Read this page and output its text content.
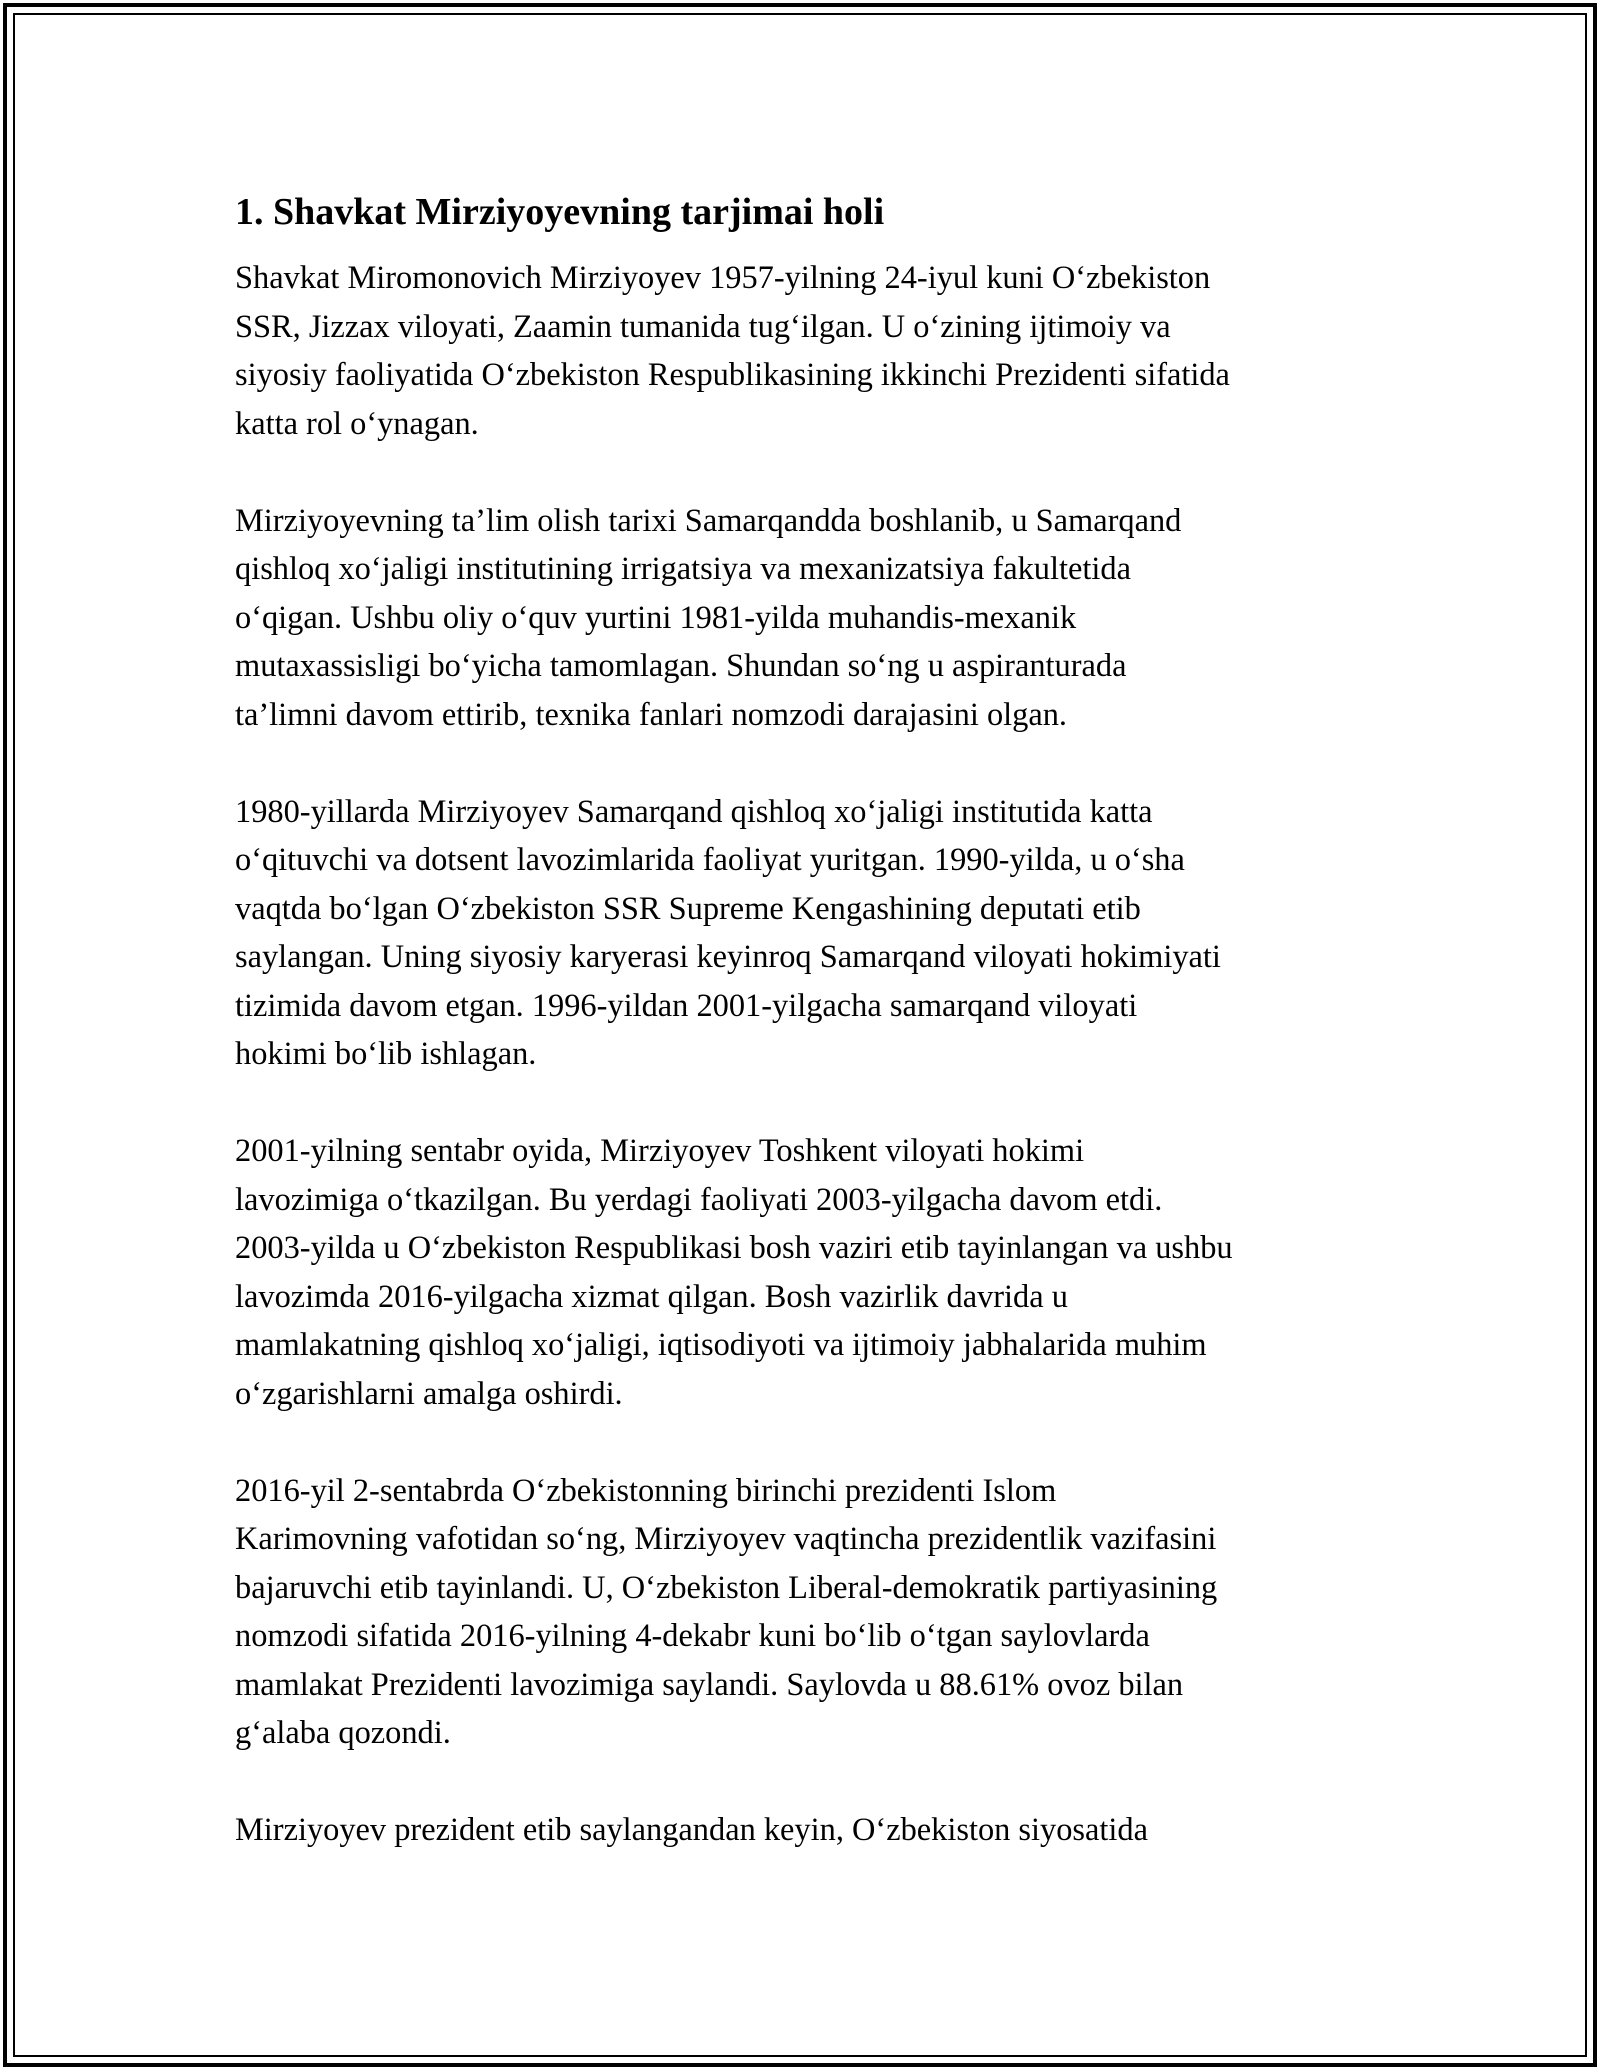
1. Shavkat Mirziyoyevning tarjimai holi
Shavkat Miromonovich Mirziyoyev 1957-yilning 24-iyul kuni O‘zbekiston
SSR, Jizzax viloyati, Zaamin tumanida tug‘ilgan. U o‘zining ijtimoiy va
siyosiy faoliyatida O‘zbekiston Respublikasining ikkinchi Prezidenti sifatida
katta rol o‘ynagan.
Mirziyoyevning ta’lim olish tarixi Samarqandda boshlanib, u Samarqand
qishloq xo‘jaligi institutining irrigatsiya va mexanizatsiya fakultetida
o‘qigan. Ushbu oliy o‘quv yurtini 1981-yilda muhandis-mexanik
mutaxassisligi bo‘yicha tamomlagan. Shundan so‘ng u aspiranturada
ta’limni davom ettirib, texnika fanlari nomzodi darajasini olgan.
1980-yillarda Mirziyoyev Samarqand qishloq xo‘jaligi institutida katta
o‘qituvchi va dotsent lavozimlarida faoliyat yuritgan. 1990-yilda, u o‘sha
vaqtda bo‘lgan O‘zbekiston SSR Supreme Kengashining deputati etib
saylangan. Uning siyosiy karyerasi keyinroq Samarqand viloyati hokimiyati
tizimida davom etgan. 1996-yildan 2001-yilgacha samarqand viloyati
hokimi bo‘lib ishlagan.
2001-yilning sentabr oyida, Mirziyoyev Toshkent viloyati hokimi
lavozimiga o‘tkazilgan. Bu yerdagi faoliyati 2003-yilgacha davom etdi.
2003-yilda u O‘zbekiston Respublikasi bosh vaziri etib tayinlangan va ushbu
lavozimda 2016-yilgacha xizmat qilgan. Bosh vazirlik davrida u
mamlakatning qishloq xo‘jaligi, iqtisodiyoti va ijtimoiy jabhalarida muhim
o‘zgarishlarni amalga oshirdi.
2016-yil 2-sentabrda O‘zbekistonning birinchi prezidenti Islom
Karimovning vafotidan so‘ng, Mirziyoyev vaqtincha prezidentlik vazifasini
bajaruvchi etib tayinlandi. U, O‘zbekiston Liberal-demokratik partiyasining
nomzodi sifatida 2016-yilning 4-dekabr kuni bo‘lib o‘tgan saylovlarda
mamlakat Prezidenti lavozimiga saylandi. Saylovda u 88.61% ovoz bilan
g‘alaba qozondi.
Mirziyoyev prezident etib saylangandan keyin, O‘zbekiston siyosatida
